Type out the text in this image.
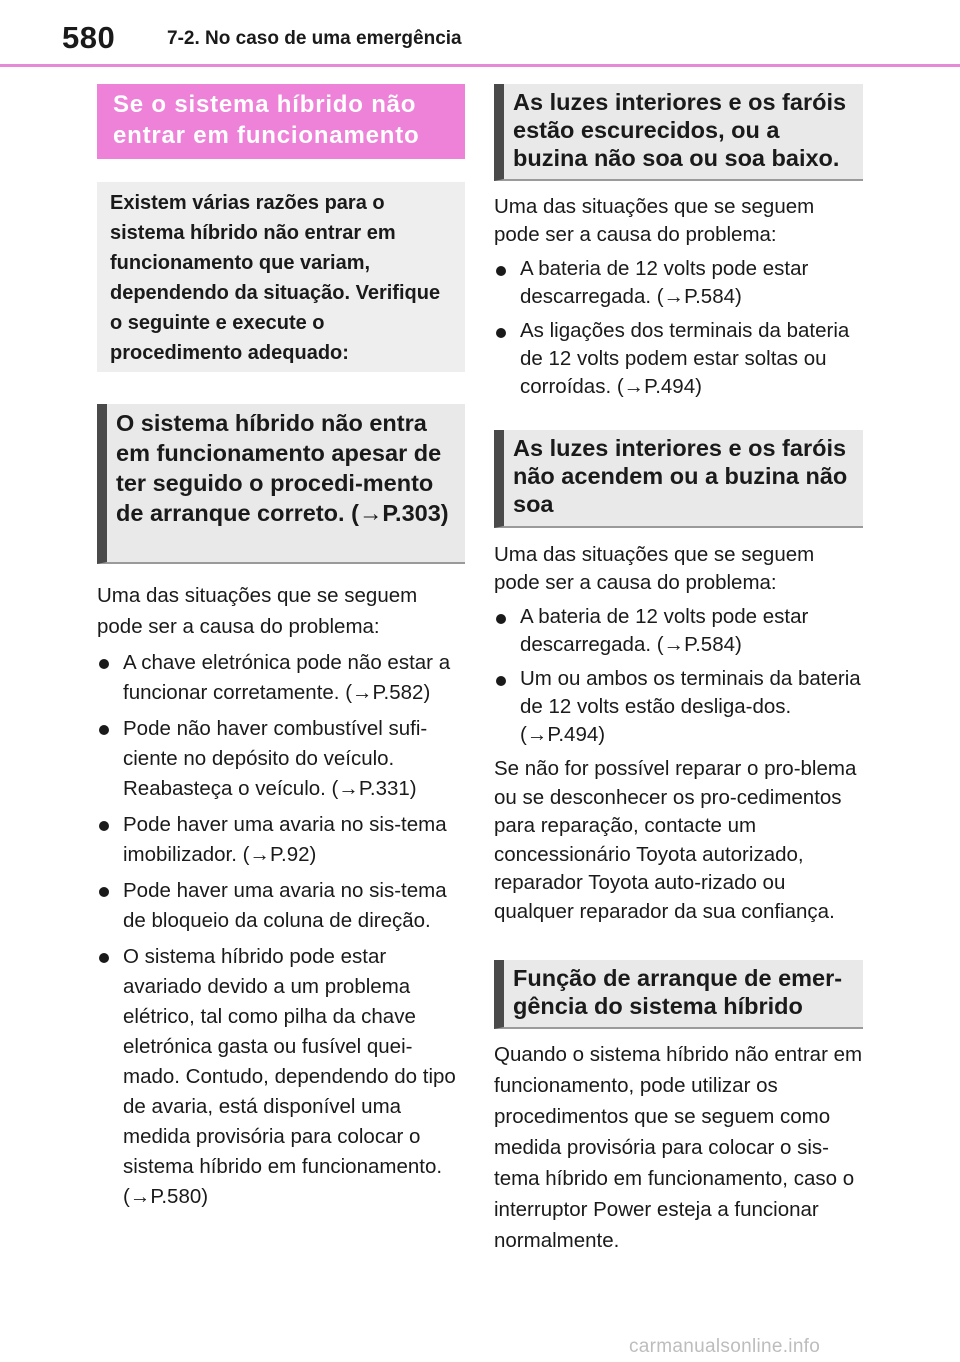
580	7-2. No caso de uma emergência
Se o sistema híbrido não entrar em funcionamento
Existem várias razões para o sistema híbrido não entrar em funcionamento que variam, dependendo da situação. Verifique o seguinte e execute o procedimento adequado:
O sistema híbrido não entra em funcionamento apesar de ter seguido o procedi-mento de arranque correto. (→P.303)
Uma das situações que se seguem pode ser a causa do problema:
A chave eletrónica pode não estar a funcionar corretamente. (→P.582)
Pode não haver combustível sufi-ciente no depósito do veículo. Reabasteça o veículo. (→P.331)
Pode haver uma avaria no sis-tema imobilizador. (→P.92)
Pode haver uma avaria no sis-tema de bloqueio da coluna de direção.
O sistema híbrido pode estar avariado devido a um problema elétrico, tal como pilha da chave eletrónica gasta ou fusível quei-mado. Contudo, dependendo do tipo de avaria, está disponível uma medida provisória para colocar o sistema híbrido em funcionamento. (→P.580)
As luzes interiores e os faróis estão escurecidos, ou a buzina não soa ou soa baixo.
Uma das situações que se seguem pode ser a causa do problema:
A bateria de 12 volts pode estar descarregada. (→P.584)
As ligações dos terminais da bateria de 12 volts podem estar soltas ou corroídas. (→P.494)
As luzes interiores e os faróis não acendem ou a buzina não soa
Uma das situações que se seguem pode ser a causa do problema:
A bateria de 12 volts pode estar descarregada. (→P.584)
Um ou ambos os terminais da bateria de 12 volts estão desliga-dos. (→P.494)
Se não for possível reparar o pro-blema ou se desconhecer os pro-cedimentos para reparação, contacte um concessionário Toyota autorizado, reparador Toyota auto-rizado ou qualquer reparador da sua confiança.
Função de arranque de emer-gência do sistema híbrido
Quando o sistema híbrido não entrar em funcionamento, pode utilizar os procedimentos que se seguem como medida provisória para colocar o sis-tema híbrido em funcionamento, caso o interruptor Power esteja a funcionar normalmente.
carmanualsonline.info
